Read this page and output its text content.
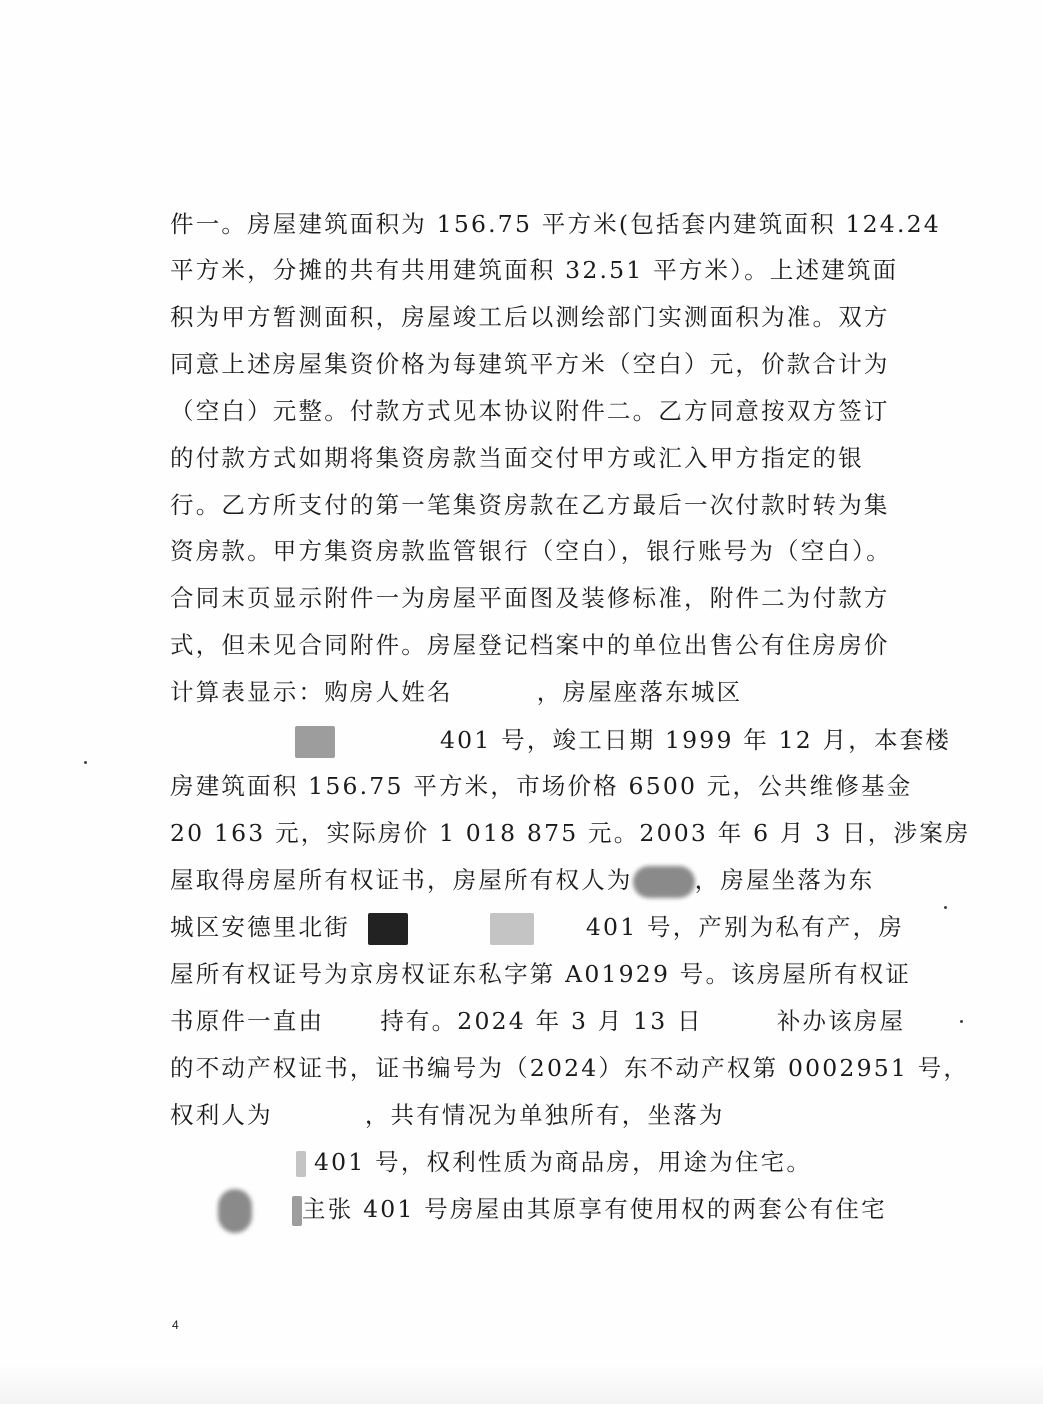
件一。房屋建筑面积为 156.75 平方米(包括套内建筑面积 124.24
平方米，分摊的共有共用建筑面积 32.51 平方米）。上述建筑面
积为甲方暂测面积，房屋竣工后以测绘部门实测面积为准。双方
同意上述房屋集资价格为每建筑平方米（空白）元，价款合计为
（空白）元整。付款方式见本协议附件二。乙方同意按双方签订
的付款方式如期将集资房款当面交付甲方或汇入甲方指定的银
行。乙方所支付的第一笔集资房款在乙方最后一次付款时转为集
资房款。甲方集资房款监管银行（空白），银行账号为（空白）。
合同末页显示附件一为房屋平面图及装修标准，附件二为付款方
式，但未见合同附件。房屋登记档案中的单位出售公有住房房价
计算表显示：购房人姓名	，房屋座落东城区
401 号，竣工日期 1999 年 12 月，本套楼
房建筑面积 156.75 平方米，市场价格 6500 元，公共维修基金
20 163 元，实际房价 1 018 875 元。2003 年 6 月 3 日，涉案房
屋取得房屋所有权证书，房屋所有权人为	，房屋坐落为东
城区安德里北街	401 号，产别为私有产，房
屋所有权证号为京房权证东私字第 A01929 号。该房屋所有权证
书原件一直由 持有。2024 年 3 月 13 日	补办该房屋
的不动产权证书，证书编号为（2024）东不动产权第 0002951 号，
权利人为	，共有情况为单独所有，坐落为
401 号，权利性质为商品房，用途为住宅。
主张 401 号房屋由其原享有使用权的两套公有住宅
4
